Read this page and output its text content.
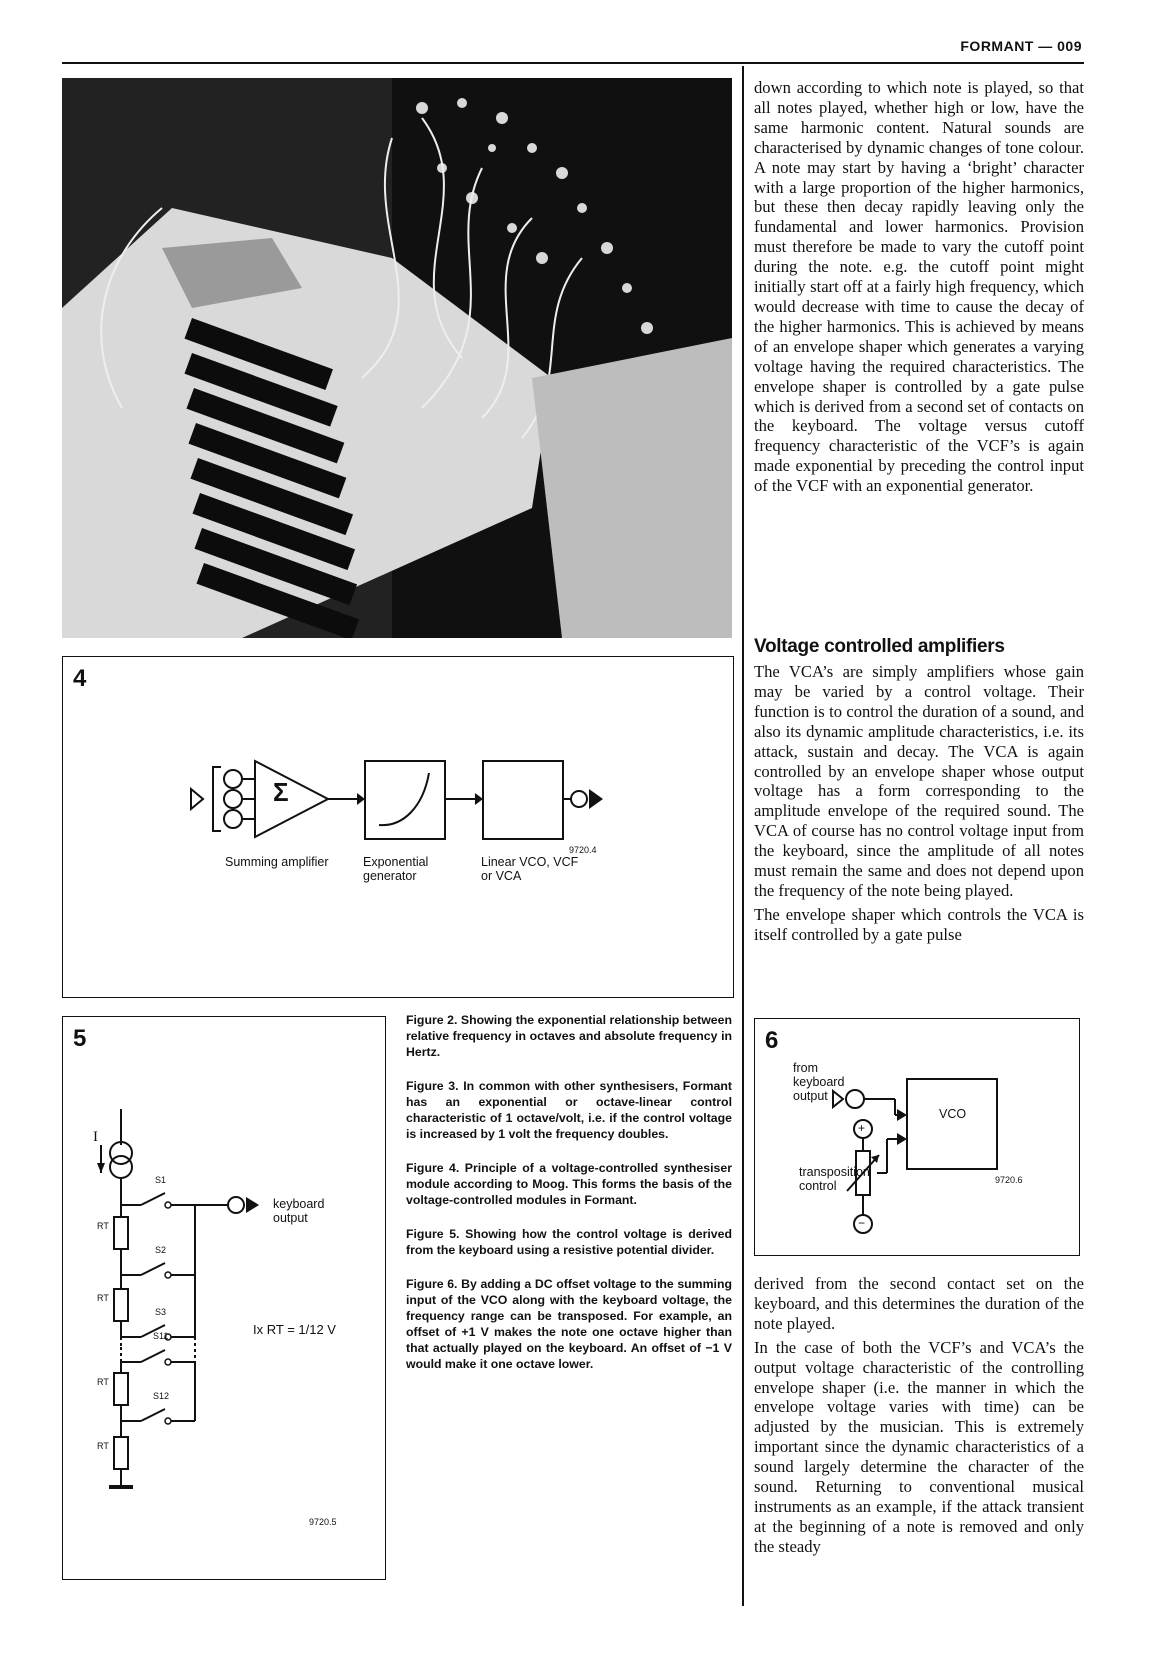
FORMANT — 009
4
Σ
Summing amplifier	Exponential generator
Linear VCO, VCF or VCA
9720.4
5
I
S1
S2
S3
S11
S12
RT
RT
RT
RT
keyboard output
Ix RT = 1/12 V
9720.5

Figure 2. Showing the exponential relationship between relative frequency in octaves and absolute frequency in Hertz.

Figure 3. In common with other synthesisers, Formant has an exponential or octave-linear control characteristic of 1 octave/volt, i.e. if the control voltage is increased by 1 volt the frequency doubles.

Figure 4. Principle of a voltage-controlled synthesiser module according to Moog. This forms the basis of the voltage-controlled modules in Formant.

Figure 5. Showing how the control voltage is derived from the keyboard using a resistive potential divider.

Figure 6. By adding a DC offset voltage to the summing input of the VCO along with the keyboard voltage, the frequency range can be transposed. For example, an offset of +1 V makes the note one octave higher than that actually played on the keyboard. An offset of −1 V would make it one octave lower.

down according to which note is played, so that all notes played, whether high or low, have the same harmonic content. Natural sounds are characterised by dynamic changes of tone colour. A note may start by having a ‘bright’ character with a large proportion of the higher harmonics, but these then decay rapidly leaving only the fundamental and lower harmonics. Provision must therefore be made to vary the cutoff point during the note. e.g. the cutoff point might initially start off at a fairly high frequency, which would decrease with time to cause the decay of the higher harmonics. This is achieved by means of an envelope shaper which generates a varying voltage having the required characteristics. The envelope shaper is controlled by a gate pulse which is derived from a second set of contacts on the keyboard. The voltage versus cutoff frequency characteristic of the VCF’s is again made exponential by preceding the control input of the VCF with an exponential generator.

Voltage controlled amplifiers

The VCA’s are simply amplifiers whose gain may be varied by a control voltage. Their function is to control the duration of a sound, and also its dynamic amplitude characteristics, i.e. its attack, sustain and decay. The VCA is again controlled by an envelope shaper whose output voltage has a form corresponding to the amplitude envelope of the required sound. The VCA of course has no control voltage input from the keyboard, since the amplitude of all notes must remain the same and does not depend upon the frequency of the note being played.

The envelope shaper which controls the VCA is itself controlled by a gate pulse

6
from keyboard output
VCO
+
−
transposition control	9720.6

derived from the second contact set on the keyboard, and this determines the duration of the note played.

In the case of both the VCF’s and VCA’s the output voltage characteristic of the controlling envelope shaper (i.e. the manner in which the envelope voltage varies with time) can be adjusted by the musician. This is extremely important since the dynamic characteristics of a sound largely determine the character of the sound. Returning to conventional musical instruments as an example, if the attack transient at the beginning of a note is removed and only the steady
